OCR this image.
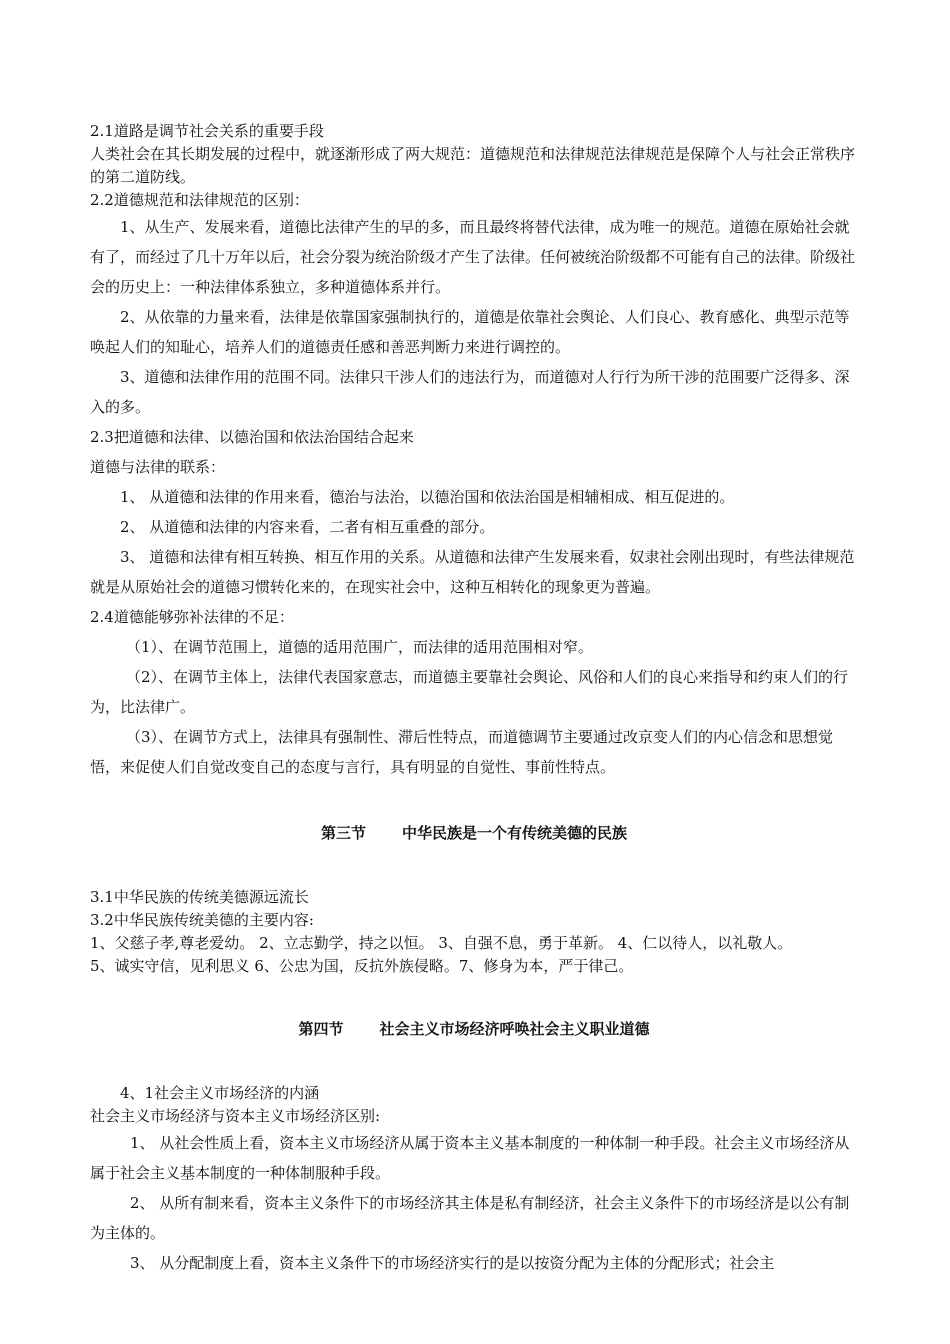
2.1道路是调节社会关系的重要手段

人类社会在其长期发展的过程中，就逐渐形成了两大规范：道德规范和法律规范法律规范是保障个人与社会正常秩序的第二道防线。

2.2道德规范和法律规范的区别：

1、从生产、发展来看，道德比法律产生的早的多，而且最终将替代法律，成为唯一的规范。道德在原始社会就有了，而经过了几十万年以后，社会分裂为统治阶级才产生了法律。任何被统治阶级都不可能有自己的法律。阶级社会的历史上：一种法律体系独立，多种道德体系并行。

2、从依靠的力量来看，法律是依靠国家强制执行的，道德是依靠社会舆论、人们良心、教育感化、典型示范等唤起人们的知耻心，培养人们的道德责任感和善恶判断力来进行调控的。

3、道德和法律作用的范围不同。法律只干涉人们的违法行为，而道德对人行行为所干涉的范围要广泛得多、深入的多。

2.3把道德和法律、以德治国和依法治国结合起来

道德与法律的联系：

1、 从道德和法律的作用来看，德治与法治，以德治国和依法治国是相辅相成、相互促进的。

2、 从道德和法律的内容来看，二者有相互重叠的部分。

3、 道德和法律有相互转换、相互作用的关系。从道德和法律产生发展来看，奴隶社会刚出现时，有些法律规范就是从原始社会的道德习惯转化来的，在现实社会中，这种互相转化的现象更为普遍。

2.4道德能够弥补法律的不足：

（1）、在调节范围上，道德的适用范围广，而法律的适用范围相对窄。

（2）、在调节主体上，法律代表国家意志，而道德主要靠社会舆论、风俗和人们的良心来指导和约束人们的行为，比法律广。

（3）、在调节方式上，法律具有强制性、滞后性特点，而道德调节主要通过改京变人们的内心信念和思想觉悟，来促使人们自觉改变自己的态度与言行，具有明显的自觉性、事前性特点。

第三节 中华民族是一个有传统美德的民族

3.1中华民族的传统美德源远流长

3.2中华民族传统美德的主要内容:

1、父慈子孝,尊老爱幼。 2、立志勤学，持之以恒。 3、自强不息，勇于革新。 4、仁以待人，以礼敬人。

5、诚实守信，见利思义 6、公忠为国，反抗外族侵略。7、修身为本，严于律己。

第四节 社会主义市场经济呼唤社会主义职业道德

4、1社会主义市场经济的内涵

社会主义市场经济与资本主义市场经济区别:

1、 从社会性质上看，资本主义市场经济从属于资本主义基本制度的一种体制一种手段。社会主义市场经济从属于社会主义基本制度的一种体制服种手段。

2、 从所有制来看，资本主义条件下的市场经济其主体是私有制经济，社会主义条件下的市场经济是以公有制为主体的。

3、 从分配制度上看，资本主义条件下的市场经济实行的是以按资分配为主体的分配形式；社会主
